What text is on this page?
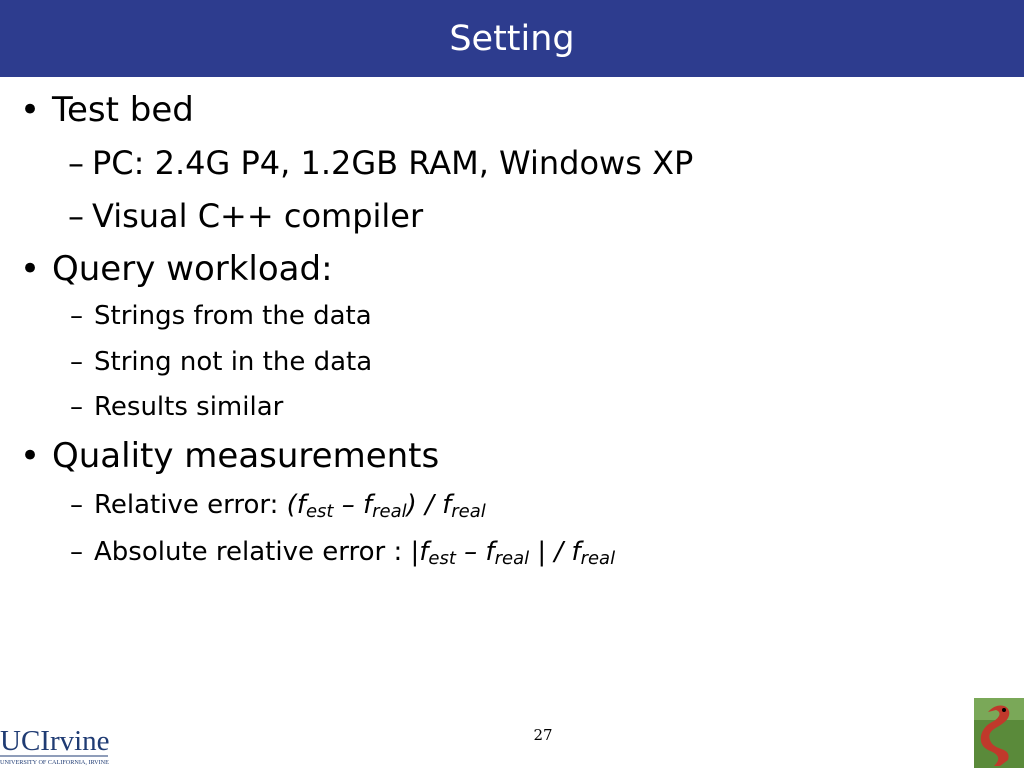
Setting
• Test bed
– PC: 2.4G P4, 1.2GB RAM, Windows XP
– Visual C++ compiler
• Query workload:
– Strings from the data
– String not in the data
– Results similar
• Quality measurements
– Relative error: $(f_{est} - f_{real}) / f_{real}$
– Absolute relative error : $|f_{est} - f_{real}$ | / $f_{real}$
27
UCIrvine
UNIVERSITY OF CALIFORNIA, IRVINE
